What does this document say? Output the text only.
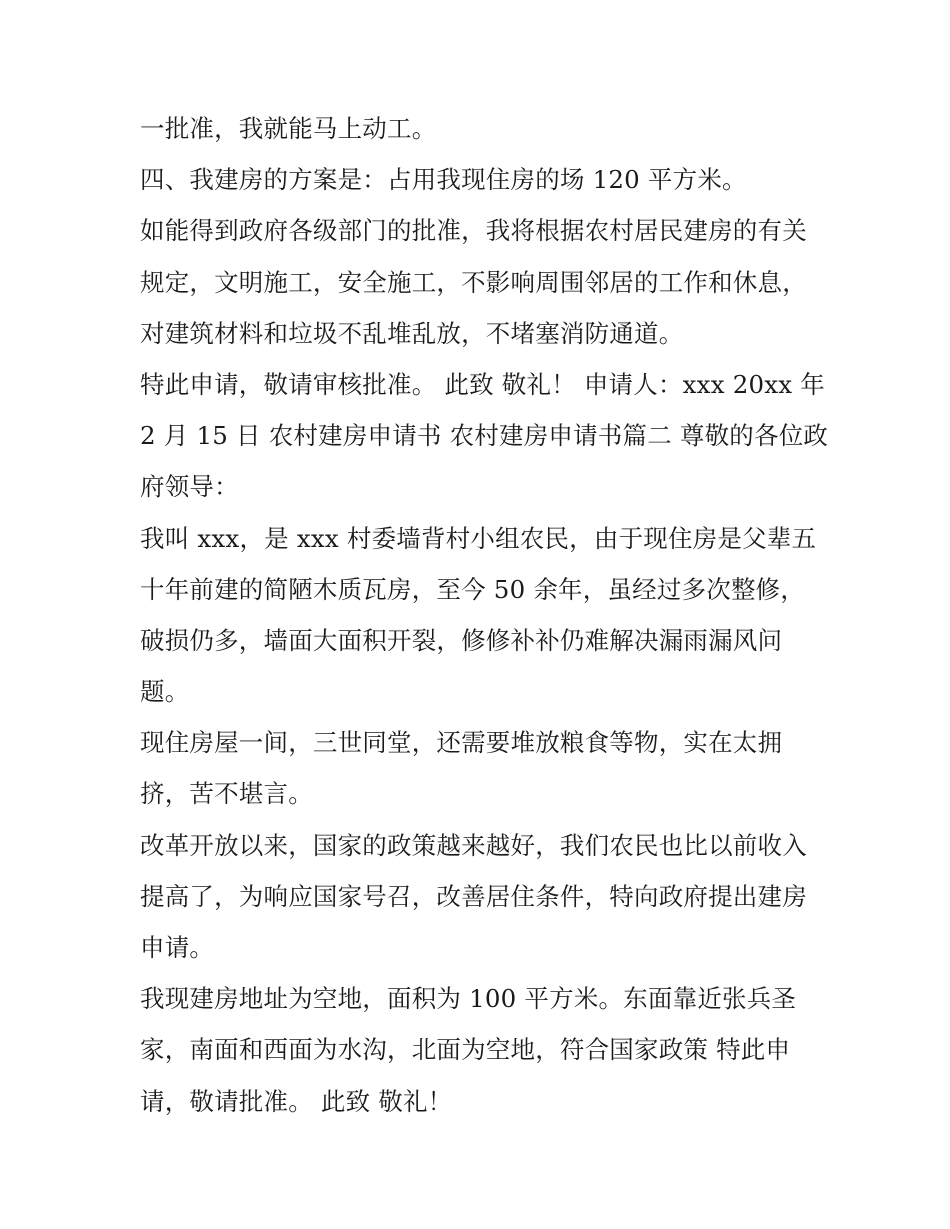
一批准，我就能马上动工。
四、我建房的方案是：占用我现住房的场 120 平方米。
如能得到政府各级部门的批准，我将根据农村居民建房的有关
规定，文明施工，安全施工，不影响周围邻居的工作和休息，
对建筑材料和垃圾不乱堆乱放，不堵塞消防通道。
特此申请，敬请审核批准。 此致 敬礼！ 申请人：xxx 20xx 年
2 月 15 日 农村建房申请书 农村建房申请书篇二 尊敬的各位政
府领导：
我叫 xxx，是 xxx 村委墙背村小组农民，由于现住房是父辈五
十年前建的简陋木质瓦房，至今 50 余年，虽经过多次整修，
破损仍多，墙面大面积开裂，修修补补仍难解决漏雨漏风问
题。
现住房屋一间，三世同堂，还需要堆放粮食等物，实在太拥
挤，苦不堪言。
改革开放以来，国家的政策越来越好，我们农民也比以前收入
提高了，为响应国家号召，改善居住条件，特向政府提出建房
申请。
我现建房地址为空地，面积为 100 平方米。东面靠近张兵圣
家，南面和西面为水沟，北面为空地，符合国家政策 特此申
请，敬请批准。 此致 敬礼！
